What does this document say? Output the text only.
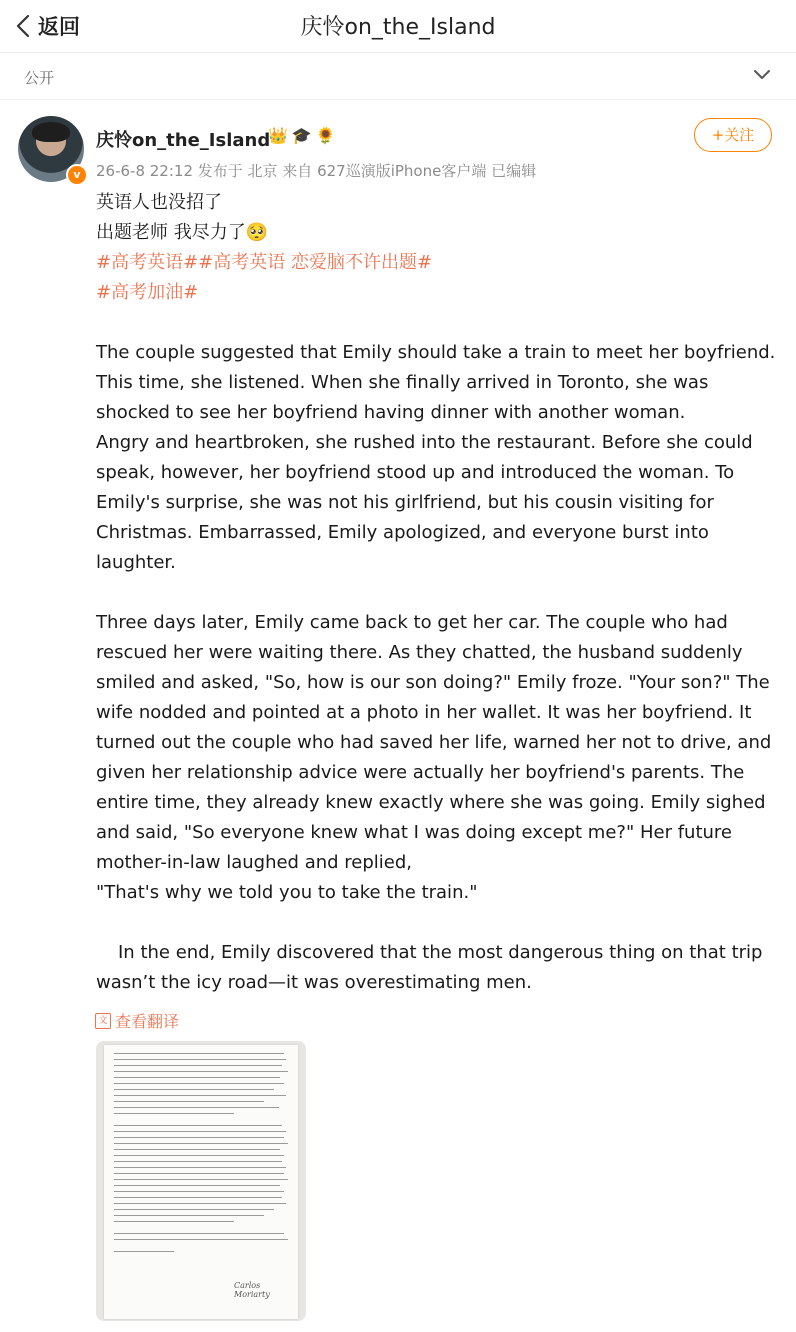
返回	庆怜on_the_Island
公开
v
庆怜on_the_Island
👑🎓🌻
26-6-8 22:12 发布于 北京 来自 627巡演版iPhone客户端 已编辑
+关注

英语人也没招了

出题老师 我尽力了🥺

#高考英语##高考英语 恋爱脑不许出题#

#高考加油#

The couple suggested that Emily should take a train to meet her boyfriend. This time, she listened. When she finally arrived in Toronto, she was shocked to see her boyfriend having dinner with another woman.

Angry and heartbroken, she rushed into the restaurant. Before she could speak, however, her boyfriend stood up and introduced the woman. To Emily's surprise, she was not his girlfriend, but his cousin visiting for Christmas. Embarrassed, Emily apologized, and everyone burst into laughter.

Three days later, Emily came back to get her car. The couple who had rescued her were waiting there. As they chatted, the husband suddenly smiled and asked, "So, how is our son doing?" Emily froze. "Your son?" The wife nodded and pointed at a photo in her wallet. It was her boyfriend. It turned out the couple who had saved her life, warned her not to drive, and given her relationship advice were actually her boyfriend's parents. The entire time, they already knew exactly where she was going. Emily sighed and said, "So everyone knew what I was doing except me?" Her future mother-in-law laughed and replied,

"That's why we told you to take the train."

In the end, Emily discovered that the most dangerous thing on that trip wasn’t the icy road—it was overestimating men.

文 查看翻译
Carlos Moriarty
